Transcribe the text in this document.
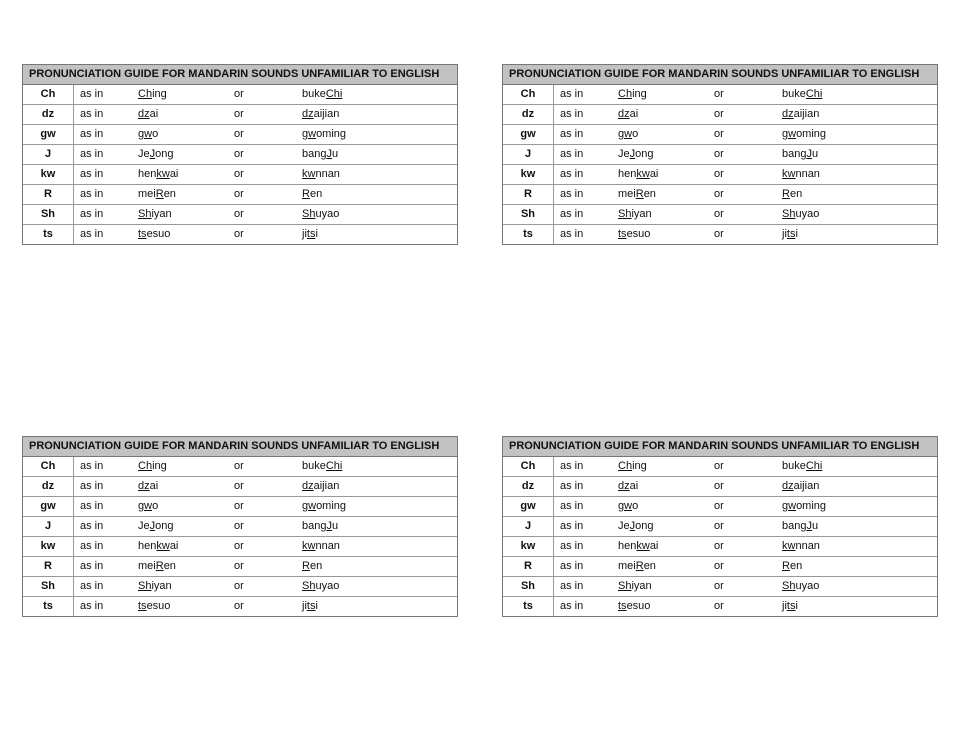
PRONUNCIATION GUIDE FOR MANDARIN SOUNDS UNFAMILIAR TO ENGLISH
Ch	as in	Ching	or	bukeChi
dz	as in	dzai	or	dzaijian
gw	as in	gwo	or	gwoming
J	as in	JeJong	or	bangJu
kw	as in	henkwai	or	kwnnan
R	as in	meiRen	or	Ren
Sh	as in	Shiyan	or	Shuyao
ts	as in	tsesuo	or	jitsi
PRONUNCIATION GUIDE FOR MANDARIN SOUNDS UNFAMILIAR TO ENGLISH
Ch	as in	Ching	or	bukeChi
dz	as in	dzai	or	dzaijian
gw	as in	gwo	or	gwoming
J	as in	JeJong	or	bangJu
kw	as in	henkwai	or	kwnnan
R	as in	meiRen	or	Ren
Sh	as in	Shiyan	or	Shuyao
ts	as in	tsesuo	or	jitsi
PRONUNCIATION GUIDE FOR MANDARIN SOUNDS UNFAMILIAR TO ENGLISH
Ch	as in	Ching	or	bukeChi
dz	as in	dzai	or	dzaijian
gw	as in	gwo	or	gwoming
J	as in	JeJong	or	bangJu
kw	as in	henkwai	or	kwnnan
R	as in	meiRen	or	Ren
Sh	as in	Shiyan	or	Shuyao
ts	as in	tsesuo	or	jitsi
PRONUNCIATION GUIDE FOR MANDARIN SOUNDS UNFAMILIAR TO ENGLISH
Ch	as in	Ching	or	bukeChi
dz	as in	dzai	or	dzaijian
gw	as in	gwo	or	gwoming
J	as in	JeJong	or	bangJu
kw	as in	henkwai	or	kwnnan
R	as in	meiRen	or	Ren
Sh	as in	Shiyan	or	Shuyao
ts	as in	tsesuo	or	jitsi
